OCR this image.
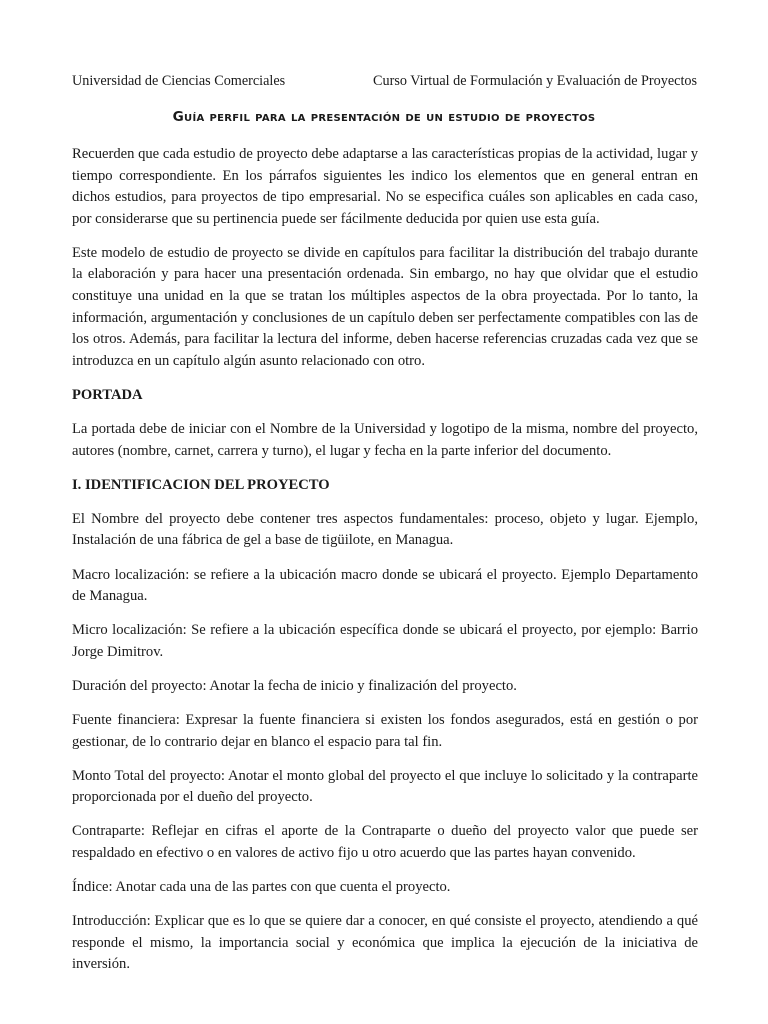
Universidad de Ciencias Comerciales	Curso Virtual de Formulación y Evaluación de Proyectos
Guía perfil para la presentación de un estudio de proyectos

Recuerden que cada estudio de proyecto debe adaptarse a las características propias de la actividad, lugar y tiempo correspondiente. En los párrafos siguientes les indico los elementos que en general entran en dichos estudios, para proyectos de tipo empresarial. No se especifica cuáles son aplicables en cada caso, por considerarse que su pertinencia puede ser fácilmente deducida por quien use esta guía.

Este modelo de estudio de proyecto se divide en capítulos para facilitar la distribución del trabajo durante la elaboración y para hacer una presentación ordenada. Sin embargo, no hay que olvidar que el estudio constituye una unidad en la que se tratan los múltiples aspectos de la obra proyectada. Por lo tanto, la información, argumentación y conclusiones de un capítulo deben ser perfectamente compatibles con las de los otros. Además, para facilitar la lectura del informe, deben hacerse referencias cruzadas cada vez que se introduzca en un capítulo algún asunto relacionado con otro.

PORTADA

La portada debe de iniciar con el Nombre de la Universidad y logotipo de la misma, nombre del proyecto, autores (nombre, carnet, carrera y turno), el lugar y fecha en la parte inferior del documento.

I. IDENTIFICACION DEL PROYECTO

El Nombre del proyecto debe contener tres aspectos fundamentales: proceso, objeto y lugar. Ejemplo, Instalación de una fábrica de gel a base de tigüilote, en Managua.

Macro localización: se refiere a la ubicación macro donde se ubicará el proyecto. Ejemplo Departamento de Managua.

Micro localización: Se refiere a la ubicación específica donde se ubicará el proyecto, por ejemplo: Barrio Jorge Dimitrov.

Duración del proyecto: Anotar la fecha de inicio y finalización del proyecto.

Fuente financiera: Expresar la fuente financiera si existen los fondos asegurados, está en gestión o por gestionar, de lo contrario dejar en blanco el espacio para tal fin.

Monto Total del proyecto: Anotar el monto global del proyecto el que incluye lo solicitado y la contraparte proporcionada por el dueño del proyecto.

Contraparte: Reflejar en cifras el aporte de la Contraparte o dueño del proyecto valor que puede ser respaldado en efectivo o en valores de activo fijo u otro acuerdo que las partes hayan convenido.

Índice: Anotar cada una de las partes con que cuenta el proyecto.

Introducción: Explicar que es lo que se quiere dar a conocer, en qué consiste el proyecto, atendiendo a qué responde el mismo, la importancia social y económica que implica la ejecución de la iniciativa de inversión.
